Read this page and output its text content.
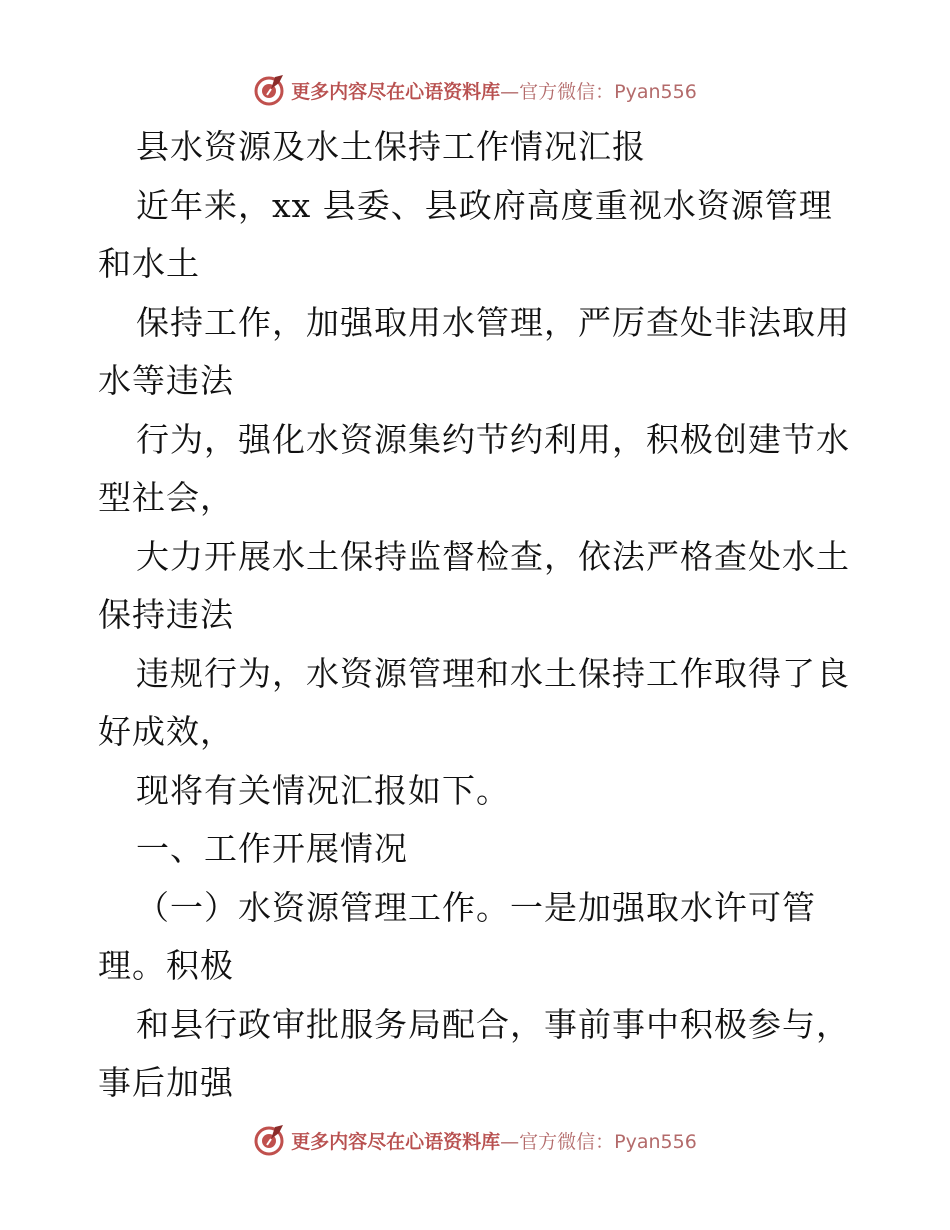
更多内容尽在心语资料库—官方微信：Pyan556
县水资源及水土保持工作情况汇报
近年来，xx 县委、县政府高度重视水资源管理
和水土
保持工作，加强取用水管理，严厉查处非法取用
水等违法
行为，强化水资源集约节约利用，积极创建节水
型社会，
大力开展水土保持监督检查，依法严格查处水土
保持违法
违规行为，水资源管理和水土保持工作取得了良
好成效，
现将有关情况汇报如下。
一、工作开展情况
（一）水资源管理工作。一是加强取水许可管
理。积极
和县行政审批服务局配合，事前事中积极参与，
事后加强
更多内容尽在心语资料库—官方微信：Pyan556
